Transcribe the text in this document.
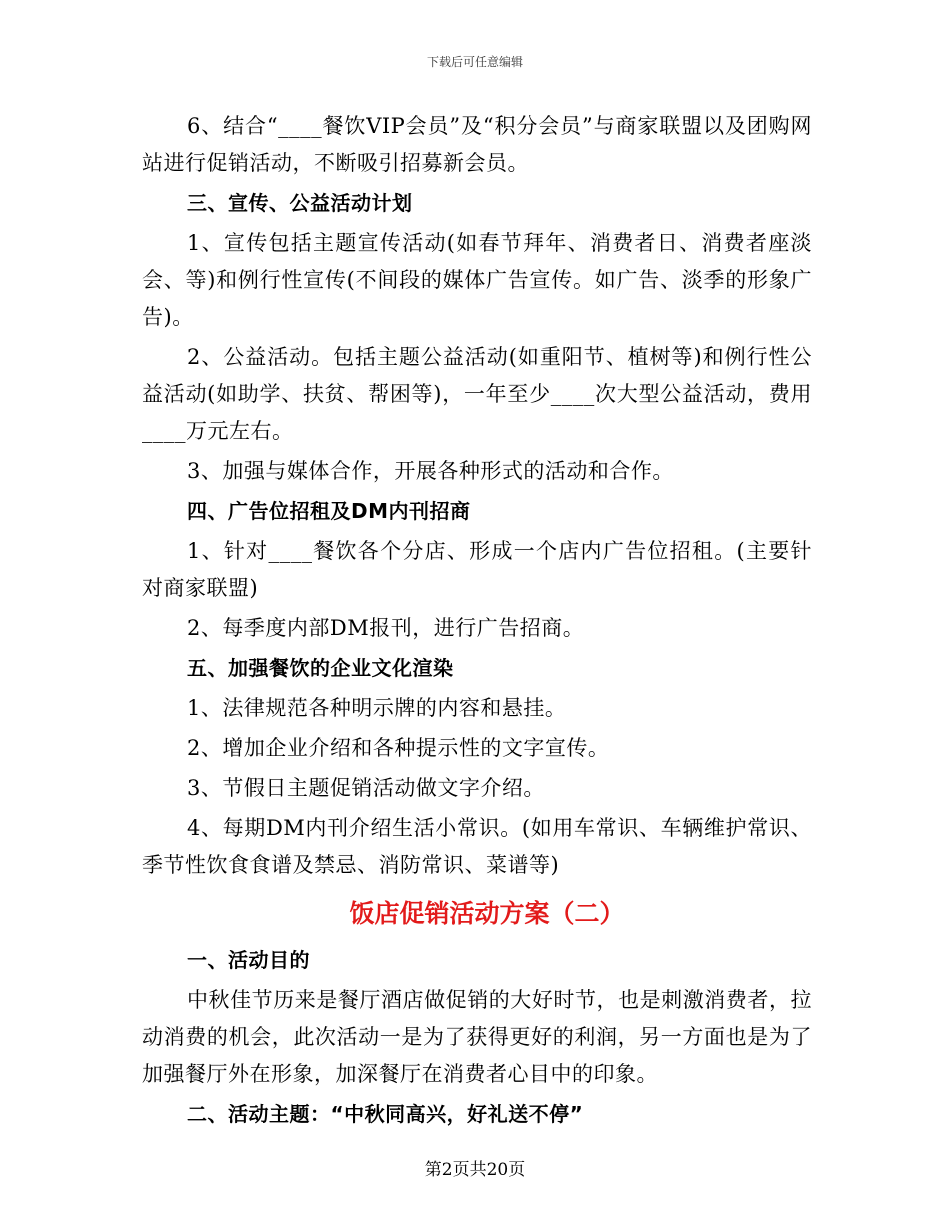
下载后可任意编辑

6、结合“____餐饮VIP会员”及“积分会员”与商家联盟以及团购网站进行促销活动，不断吸引招募新会员。

三、宣传、公益活动计划

1、宣传包括主题宣传活动(如春节拜年、消费者日、消费者座淡会、等)和例行性宣传(不间段的媒体广告宣传。如广告、淡季的形象广告)。

2、公益活动。包括主题公益活动(如重阳节、植树等)和例行性公益活动(如助学、扶贫、帮困等)，一年至少____次大型公益活动，费用____万元左右。

3、加强与媒体合作，开展各种形式的活动和合作。

四、广告位招租及DM内刊招商

1、针对____餐饮各个分店、形成一个店内广告位招租。(主要针对商家联盟)

2、每季度内部DM报刊，进行广告招商。

五、加强餐饮的企业文化渲染

1、法律规范各种明示牌的内容和悬挂。

2、增加企业介绍和各种提示性的文字宣传。

3、节假日主题促销活动做文字介绍。

4、每期DM内刊介绍生活小常识。(如用车常识、车辆维护常识、季节性饮食食谱及禁忌、消防常识、菜谱等)

饭店促销活动方案（二）

一、活动目的

中秋佳节历来是餐厅酒店做促销的大好时节，也是刺激消费者，拉动消费的机会，此次活动一是为了获得更好的利润，另一方面也是为了加强餐厅外在形象，加深餐厅在消费者心目中的印象。

二、活动主题：“中秋同高兴，好礼送不停”

第2页共20页
